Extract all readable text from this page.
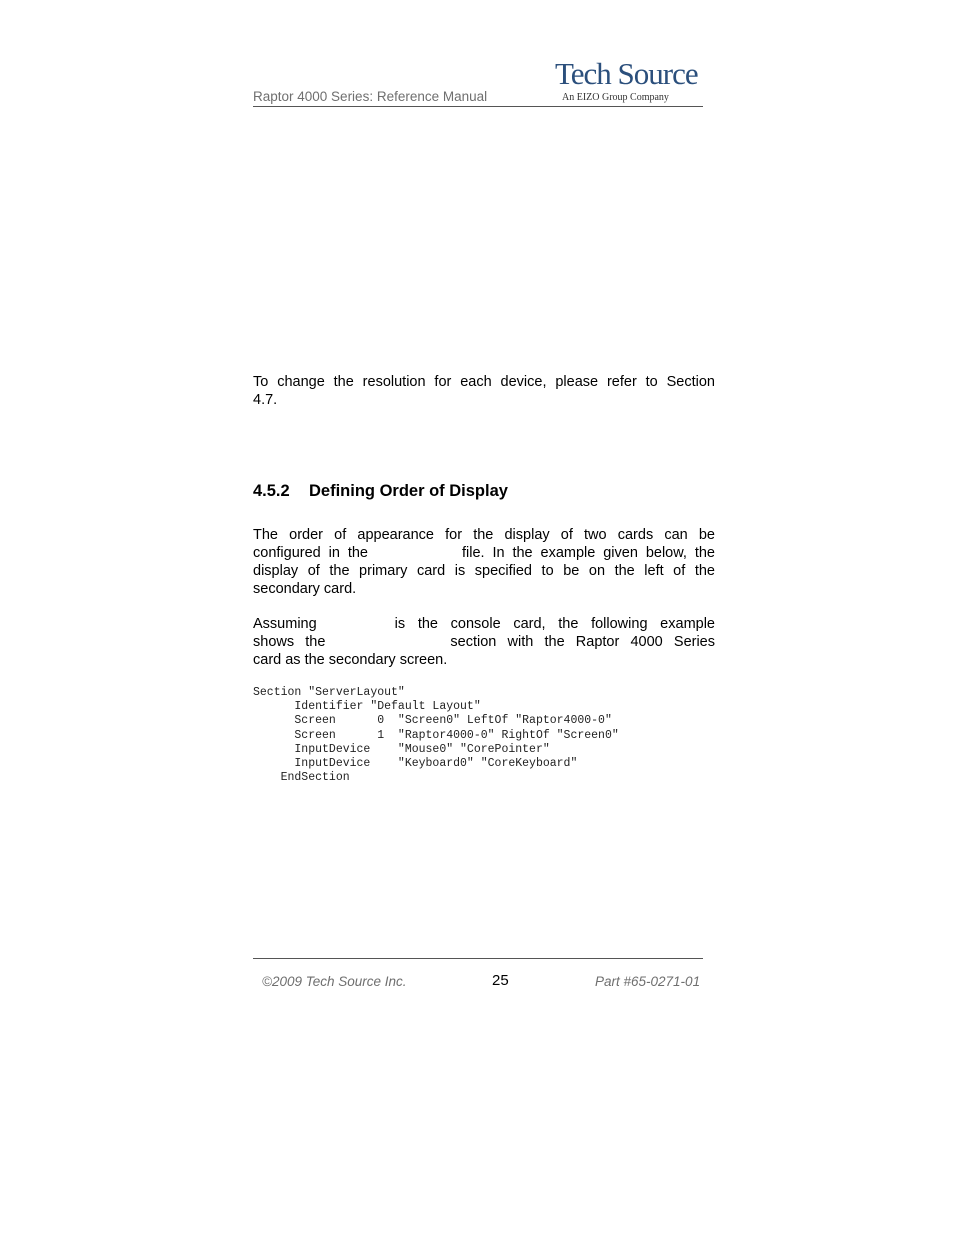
Raptor 4000 Series: Reference Manual
Tech Source
An EIZO Group Company
To change the resolution for each device, please refer to Section
4.7.
4.5.2 Defining Order of Display
The order of appearance for the display of two cards can be
configured in the	file. In the example given below, the
display of the primary card is specified to be on the left of the
secondary card.
Assuming	is the console card, the following example
shows the	section with the Raptor 4000 Series
card as the secondary screen.
Section "ServerLayout"
Identifier "Default Layout"
Screen      0  "Screen0" LeftOf "Raptor4000-0"
Screen      1  "Raptor4000-0" RightOf "Screen0"
InputDevice    "Mouse0" "CorePointer"
InputDevice    "Keyboard0" "CoreKeyboard"
EndSection
©2009 Tech Source Inc.	25	Part #65-0271-01
